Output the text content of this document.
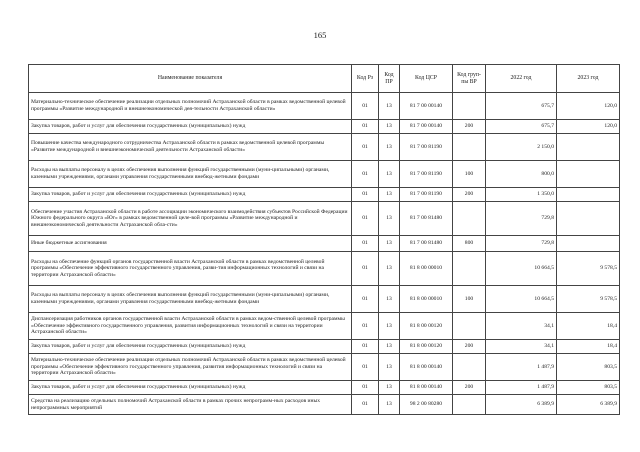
165
Наименование показателя	Код Рз	Код ПР	Код ЦСР	Код груп-пы ВР	2022 год	2023 год
Материально-техническое обеспечение реализации отдельных полномочий Астраханской области в рамках ведомственной целевой программы «Развитие международной и внешнеэкономической дея-тельности Астраханской области»	01	13	81 7 00 00140		675,7	120,0
Закупка товаров, работ и услуг для обеспечения государственных (муниципальных) нужд	01	13	81 7 00 00140	200	675,7	120,0
Повышение качества международного сотрудничества Астраханской области в рамках ведомственной целевой программы «Развитие международной и внешнеэкономической деятельности Астраханской области»	01	13	81 7 00 81190		2 150,0	
Расходы на выплаты персоналу в целях обеспечения выполнения функций государственными (муни-ципальными) органами, казенными учреждениями, органами управления государственными внебюд-жетными фондами	01	13	81 7 00 81190	100	800,0	
Закупка товаров, работ и услуг для обеспечения государственных (муниципальных) нужд	01	13	81 7 00 81190	200	1 350,0	
Обеспечение участия Астраханской области в работе ассоциации экономического взаимодействия субъектов Российской Федерации Южного федерального округа «Юг» в рамках ведомственной целе-вой программы «Развитие международной и внешнеэкономической деятельности Астраханской обла-сти»	01	13	81 7 00 81480		729,8	
Иные бюджетные ассигнования	01	13	81 7 00 81480	800	729,8	
Расходы на обеспечение функций органов государственной власти Астраханской области в рамках ведомственной целевой программы «Обеспечение эффективного государственного управления, разви-тия информационных технологий и связи на территории Астраханской области»	01	13	81 8 00 00010		10 664,5	9 578,5
Расходы на выплаты персоналу в целях обеспечения выполнения функций государственными (муни-ципальными) органами, казенными учреждениями, органами управления государственными внебюд-жетными фондами	01	13	81 8 00 00010	100	10 664,5	9 578,5
Диспансеризация работников органов государственной власти Астраханской области в рамках ведом-ственной целевой программы «Обеспечение эффективного государственного управления, развития информационных технологий и связи на территории Астраханской области»	01	13	81 8 00 00120		34,1	18,4
Закупка товаров, работ и услуг для обеспечения государственных (муниципальных) нужд	01	13	81 8 00 00120	200	34,1	18,4
Материально-техническое обеспечение реализации отдельных полномочий Астраханской области в рамках ведомственной целевой программы «Обеспечение эффективного государственного управления, развития информационных технологий и связи на территории Астраханской области»	01	13	81 8 00 00140		1 487,9	803,5
Закупка товаров, работ и услуг для обеспечения государственных (муниципальных) нужд	01	13	81 8 00 00140	200	1 487,9	803,5
Средства на реализацию отдельных полномочий Астраханской области в рамках прочих непрограмм-ных расходов иных непрограммных мероприятий	01	13	98 2 00 80280		6 389,9	6 389,9
